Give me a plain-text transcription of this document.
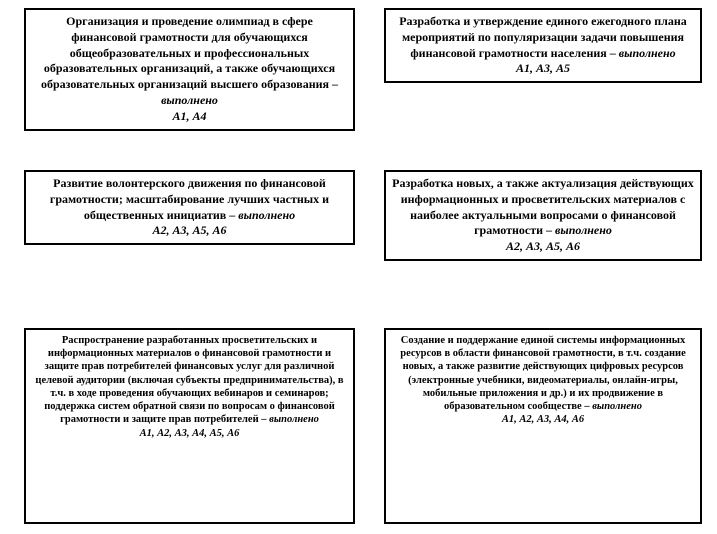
Организация и проведение олимпиад в сфере финансовой грамотности для обучающихся общеобразовательных и профессиональных образовательных организаций, а также обучающихся образовательных организаций высшего образования – выполнено
А1, А4
Разработка и утверждение единого ежегодного плана мероприятий по популяризации задачи повышения финансовой грамотности населения – выполнено
А1, А3, А5
Развитие волонтерского движения по финансовой грамотности; масштабирование лучших частных и общественных инициатив – выполнено
А2, А3, А5, А6
Разработка новых, а также актуализация действующих информационных и просветительских материалов с наиболее актуальными вопросами о финансовой грамотности – выполнено
А2, А3, А5, А6
Распространение разработанных просветительских и информационных материалов о финансовой грамотности и защите прав потребителей финансовых услуг для различной целевой аудитории (включая субъекты предпринимательства), в т.ч. в ходе проведения обучающих вебинаров и семинаров; поддержка систем обратной связи по вопросам о финансовой грамотности и защите прав потребителей – выполнено
А1, А2, А3, А4, А5, А6
Создание и поддержание единой системы информационных ресурсов в области финансовой грамотности, в т.ч. создание новых, а также развитие действующих цифровых ресурсов (электронные учебники, видеоматериалы, онлайн-игры, мобильные приложения и др.) и их продвижение в образовательном сообществе – выполнено
А1, А2, А3, А4, А6
